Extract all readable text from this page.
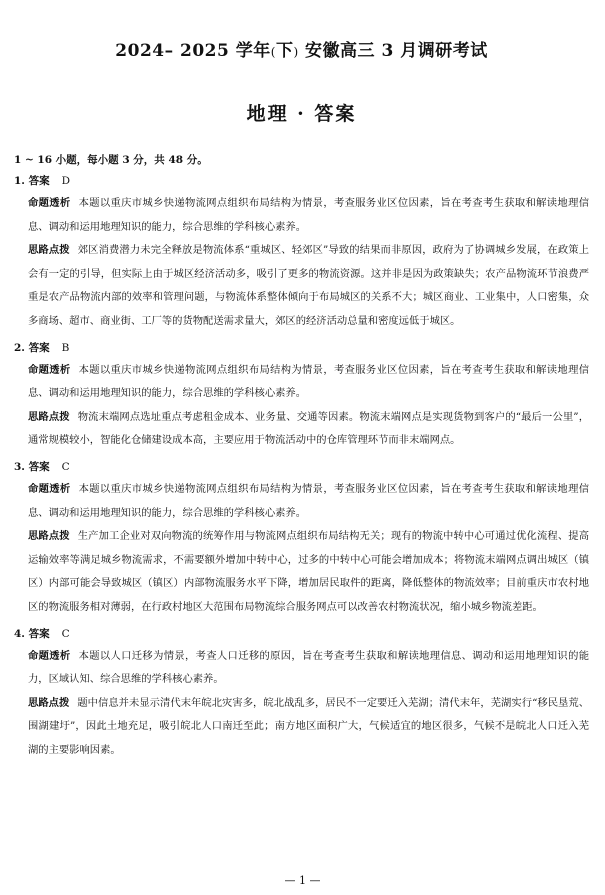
2024– 2025 学年(下) 安徽高三 3 月调研考试
地理 · 答案
1 ~ 16 小题，每小题 3 分，共 48 分。
1. 答案 D

命题透析 本题以重庆市城乡快递物流网点组织布局结构为情景，考查服务业区位因素，旨在考查考生获取和解读地理信息、调动和运用地理知识的能力，综合思维的学科核心素养。

思路点拨 郊区消费潜力未完全释放是物流体系“重城区、轻郊区”导致的结果而非原因，政府为了协调城乡发展，在政策上会有一定的引导，但实际上由于城区经济活动多，吸引了更多的物流资源。这并非是因为政策缺失；农产品物流环节浪费严重是农产品物流内部的效率和管理问题，与物流体系整体倾向于布局城区的关系不大；城区商业、工业集中，人口密集，众多商场、超市、商业街、工厂等的货物配送需求量大，郊区的经济活动总量和密度远低于城区。

2. 答案 B

命题透析 本题以重庆市城乡快递物流网点组织布局结构为情景，考查服务业区位因素，旨在考查考生获取和解读地理信息、调动和运用地理知识的能力，综合思维的学科核心素养。

思路点拨 物流末端网点选址重点考虑租金成本、业务量、交通等因素。物流末端网点是实现货物到客户的“最后一公里”，通常规模较小，智能化仓储建设成本高，主要应用于物流活动中的仓库管理环节而非末端网点。

3. 答案 C

命题透析 本题以重庆市城乡快递物流网点组织布局结构为情景，考查服务业区位因素，旨在考查考生获取和解读地理信息、调动和运用地理知识的能力，综合思维的学科核心素养。

思路点拨 生产加工企业对双向物流的统筹作用与物流网点组织布局结构无关；现有的物流中转中心可通过优化流程、提高运输效率等满足城乡物流需求，不需要额外增加中转中心，过多的中转中心可能会增加成本；将物流末端网点调出城区（镇区）内部可能会导致城区（镇区）内部物流服务水平下降，增加居民取件的距离，降低整体的物流效率；目前重庆市农村地区的物流服务相对薄弱，在行政村地区大范围布局物流综合服务网点可以改善农村物流状况，缩小城乡物流差距。

4. 答案 C

命题透析 本题以人口迁移为情景，考查人口迁移的原因，旨在考查考生获取和解读地理信息、调动和运用地理知识的能力，区域认知、综合思维的学科核心素养。

思路点拨 题中信息并未显示清代末年皖北灾害多，皖北战乱多，居民不一定要迁入芜湖；清代末年，芜湖实行“移民垦荒、围湖建圩”，因此土地充足，吸引皖北人口南迁至此；南方地区面积广大，气候适宜的地区很多，气候不是皖北人口迁入芜湖的主要影响因素。

— 1 —
